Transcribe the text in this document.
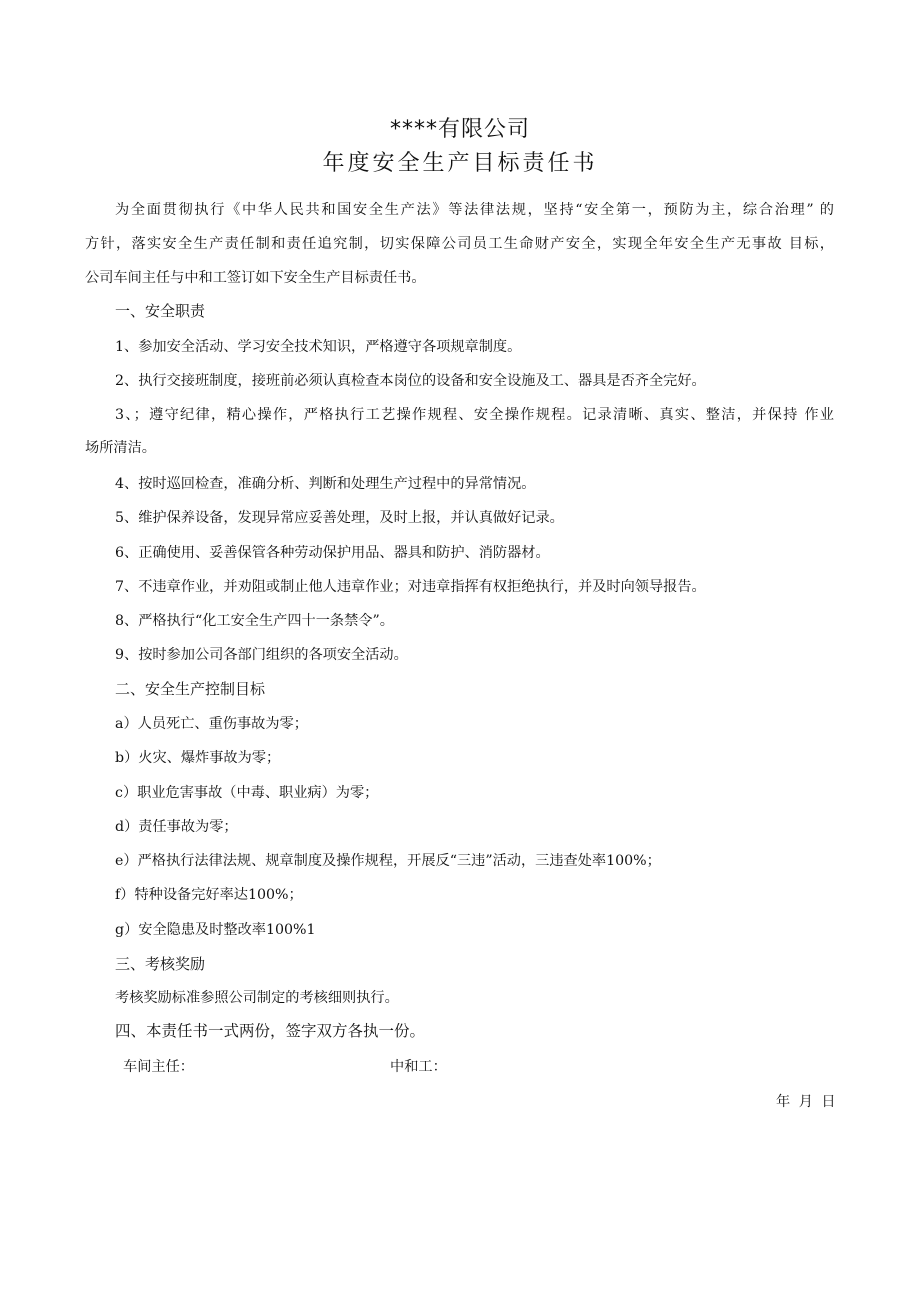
****有限公司
年度安全生产目标责任书
为全面贯彻执行《中华人民共和国安全生产法》等法律法规，坚持“安全第一，预防为主，综合治理” 的
方针，落实安全生产责任制和责任追究制，切实保障公司员工生命财产安全，实现全年安全生产无事故 目标，
公司车间主任与中和工签订如下安全生产目标责任书。
一、安全职责
1、参加安全活动、学习安全技术知识，严格遵守各项规章制度。
2、执行交接班制度，接班前必须认真检查本岗位的设备和安全设施及工、器具是否齐全完好。
3、；遵守纪律，精心操作，严格执行工艺操作规程、安全操作规程。记录清晰、真实、整洁，并保持 作业
场所清洁。
4、按时巡回检查，准确分析、判断和处理生产过程中的异常情况。
5、维护保养设备，发现异常应妥善处理，及时上报，并认真做好记录。
6、正确使用、妥善保管各种劳动保护用品、器具和防护、消防器材。
7、不违章作业，并劝阻或制止他人违章作业；对违章指挥有权拒绝执行，并及时向领导报告。
8、严格执行“化工安全生产四十一条禁令”。
9、按时参加公司各部门组织的各项安全活动。
二、安全生产控制目标
a）人员死亡、重伤事故为零；
b）火灾、爆炸事故为零；
c）职业危害事故（中毒、职业病）为零；
d）责任事故为零；
e）严格执行法律法规、规章制度及操作规程，开展反“三违”活动，三违查处率100%；
f）特种设备完好率达100%；
g）安全隐患及时整改率100%1
三、考核奖励
考核奖励标准参照公司制定的考核细则执行。
四、本责任书一式两份，签字双方各执一份。
车间主任：	中和工：
年 月 日
